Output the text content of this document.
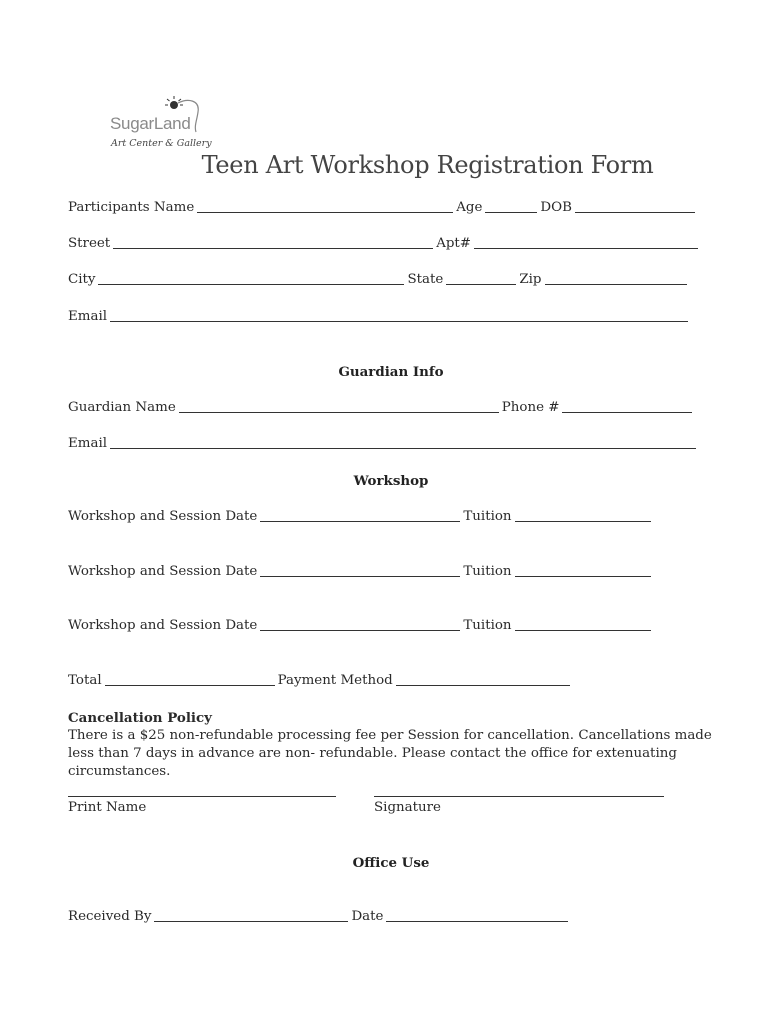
SugarLand
Art Center & Gallery
Teen Art Workshop Registration Form
Participants Name	Age	DOB
Street	Apt#
City	State	Zip
Email
Guardian Info
Guardian Name	Phone #
Email
Workshop
Workshop and Session Date	Tuition
Workshop and Session Date	Tuition
Workshop and Session Date	Tuition
Total	Payment Method
Cancellation Policy
There is a $25 non-refundable processing fee per Session for cancellation. Cancellations made less than 7 days in advance are non- refundable. Please contact the office for extenuating circumstances.
Print Name	Signature
Office Use
Received By	Date
